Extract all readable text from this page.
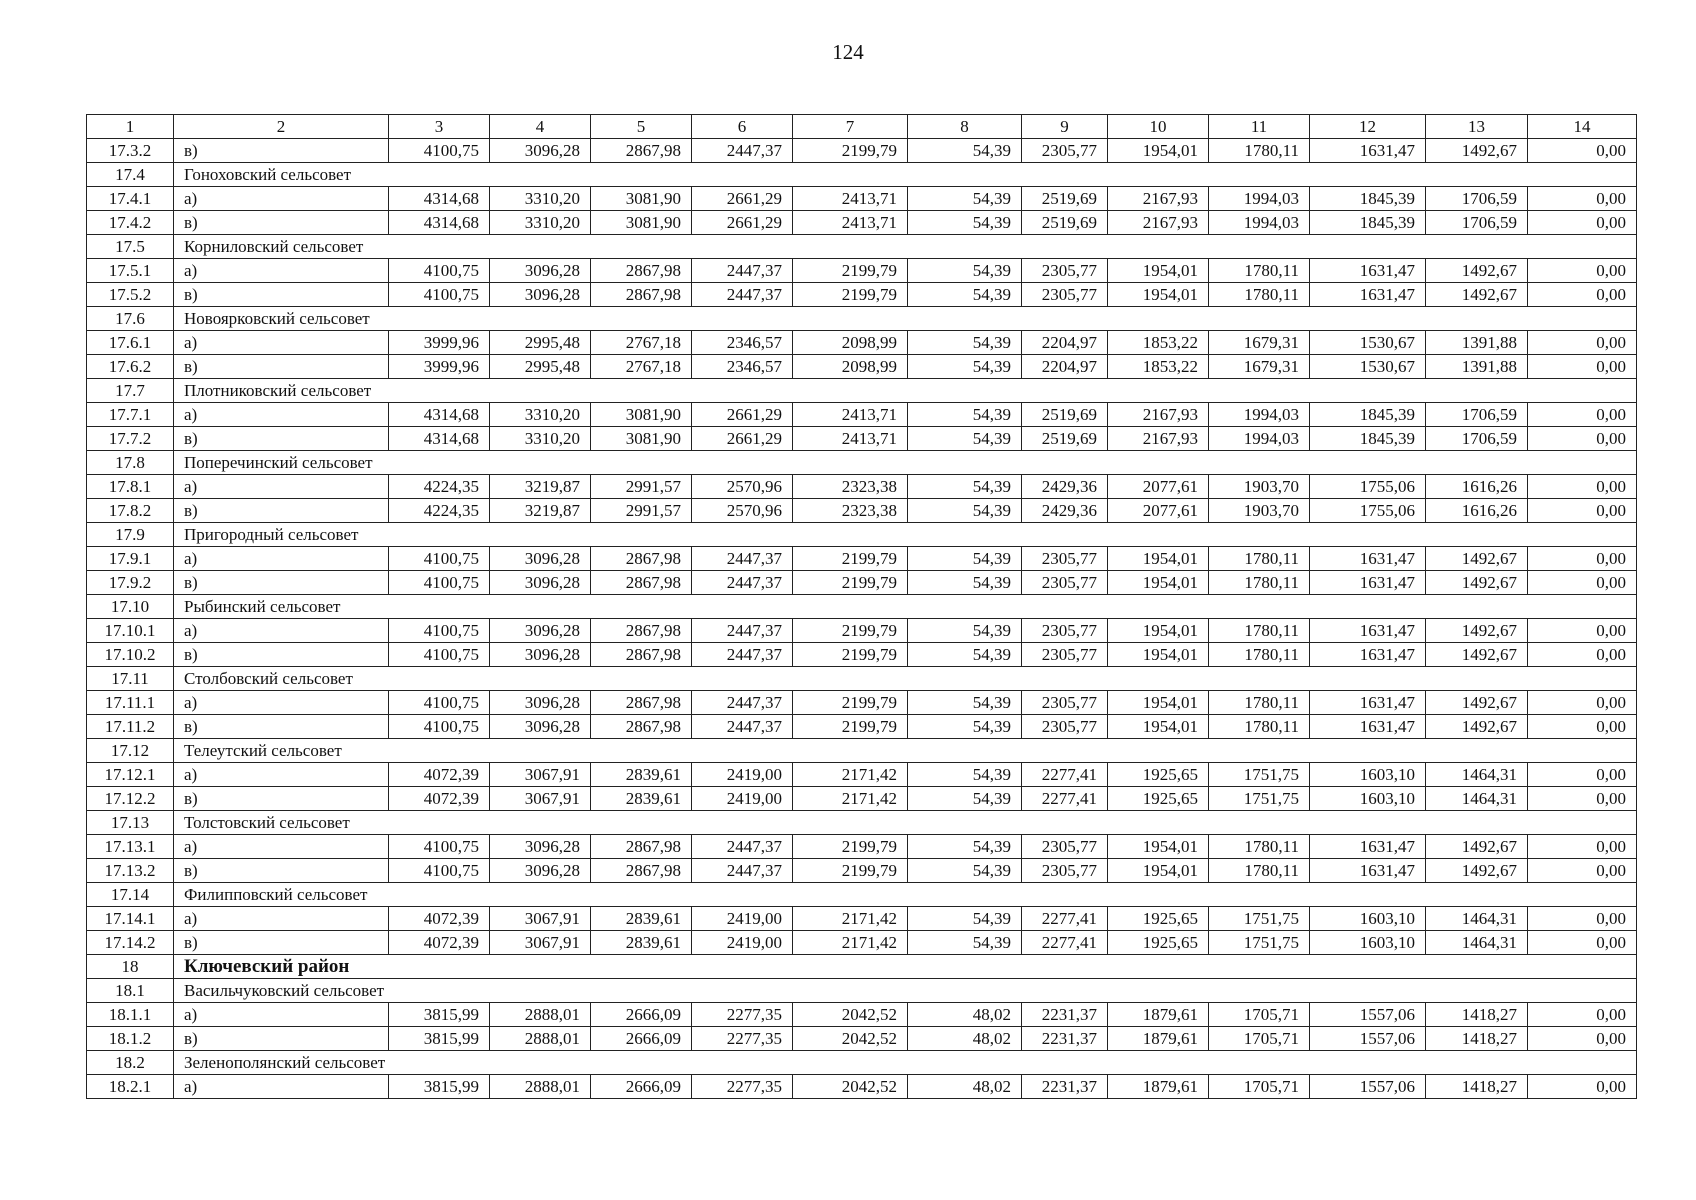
124
1	2	3	4	5	6	7	8	9	10	11	12	13	14
17.3.2	в)	4100,75	3096,28	2867,98	2447,37	2199,79	54,39	2305,77	1954,01	1780,11	1631,47	1492,67	0,00
17.4	Гоноховский сельсовет												
17.4.1	а)	4314,68	3310,20	3081,90	2661,29	2413,71	54,39	2519,69	2167,93	1994,03	1845,39	1706,59	0,00
17.4.2	в)	4314,68	3310,20	3081,90	2661,29	2413,71	54,39	2519,69	2167,93	1994,03	1845,39	1706,59	0,00
17.5	Корниловский сельсовет												
17.5.1	а)	4100,75	3096,28	2867,98	2447,37	2199,79	54,39	2305,77	1954,01	1780,11	1631,47	1492,67	0,00
17.5.2	в)	4100,75	3096,28	2867,98	2447,37	2199,79	54,39	2305,77	1954,01	1780,11	1631,47	1492,67	0,00
17.6	Новоярковский сельсовет												
17.6.1	а)	3999,96	2995,48	2767,18	2346,57	2098,99	54,39	2204,97	1853,22	1679,31	1530,67	1391,88	0,00
17.6.2	в)	3999,96	2995,48	2767,18	2346,57	2098,99	54,39	2204,97	1853,22	1679,31	1530,67	1391,88	0,00
17.7	Плотниковский сельсовет												
17.7.1	а)	4314,68	3310,20	3081,90	2661,29	2413,71	54,39	2519,69	2167,93	1994,03	1845,39	1706,59	0,00
17.7.2	в)	4314,68	3310,20	3081,90	2661,29	2413,71	54,39	2519,69	2167,93	1994,03	1845,39	1706,59	0,00
17.8	Поперечинский сельсовет												
17.8.1	а)	4224,35	3219,87	2991,57	2570,96	2323,38	54,39	2429,36	2077,61	1903,70	1755,06	1616,26	0,00
17.8.2	в)	4224,35	3219,87	2991,57	2570,96	2323,38	54,39	2429,36	2077,61	1903,70	1755,06	1616,26	0,00
17.9	Пригородный сельсовет												
17.9.1	а)	4100,75	3096,28	2867,98	2447,37	2199,79	54,39	2305,77	1954,01	1780,11	1631,47	1492,67	0,00
17.9.2	в)	4100,75	3096,28	2867,98	2447,37	2199,79	54,39	2305,77	1954,01	1780,11	1631,47	1492,67	0,00
17.10	Рыбинский сельсовет												
17.10.1	а)	4100,75	3096,28	2867,98	2447,37	2199,79	54,39	2305,77	1954,01	1780,11	1631,47	1492,67	0,00
17.10.2	в)	4100,75	3096,28	2867,98	2447,37	2199,79	54,39	2305,77	1954,01	1780,11	1631,47	1492,67	0,00
17.11	Столбовский сельсовет												
17.11.1	а)	4100,75	3096,28	2867,98	2447,37	2199,79	54,39	2305,77	1954,01	1780,11	1631,47	1492,67	0,00
17.11.2	в)	4100,75	3096,28	2867,98	2447,37	2199,79	54,39	2305,77	1954,01	1780,11	1631,47	1492,67	0,00
17.12	Телеутский сельсовет												
17.12.1	а)	4072,39	3067,91	2839,61	2419,00	2171,42	54,39	2277,41	1925,65	1751,75	1603,10	1464,31	0,00
17.12.2	в)	4072,39	3067,91	2839,61	2419,00	2171,42	54,39	2277,41	1925,65	1751,75	1603,10	1464,31	0,00
17.13	Толстовский сельсовет												
17.13.1	а)	4100,75	3096,28	2867,98	2447,37	2199,79	54,39	2305,77	1954,01	1780,11	1631,47	1492,67	0,00
17.13.2	в)	4100,75	3096,28	2867,98	2447,37	2199,79	54,39	2305,77	1954,01	1780,11	1631,47	1492,67	0,00
17.14	Филипповский сельсовет												
17.14.1	а)	4072,39	3067,91	2839,61	2419,00	2171,42	54,39	2277,41	1925,65	1751,75	1603,10	1464,31	0,00
17.14.2	в)	4072,39	3067,91	2839,61	2419,00	2171,42	54,39	2277,41	1925,65	1751,75	1603,10	1464,31	0,00
18	Ключевский район												
18.1	Васильчуковский сельсовет												
18.1.1	а)	3815,99	2888,01	2666,09	2277,35	2042,52	48,02	2231,37	1879,61	1705,71	1557,06	1418,27	0,00
18.1.2	в)	3815,99	2888,01	2666,09	2277,35	2042,52	48,02	2231,37	1879,61	1705,71	1557,06	1418,27	0,00
18.2	Зеленополянский сельсовет												
18.2.1	а)	3815,99	2888,01	2666,09	2277,35	2042,52	48,02	2231,37	1879,61	1705,71	1557,06	1418,27	0,00
